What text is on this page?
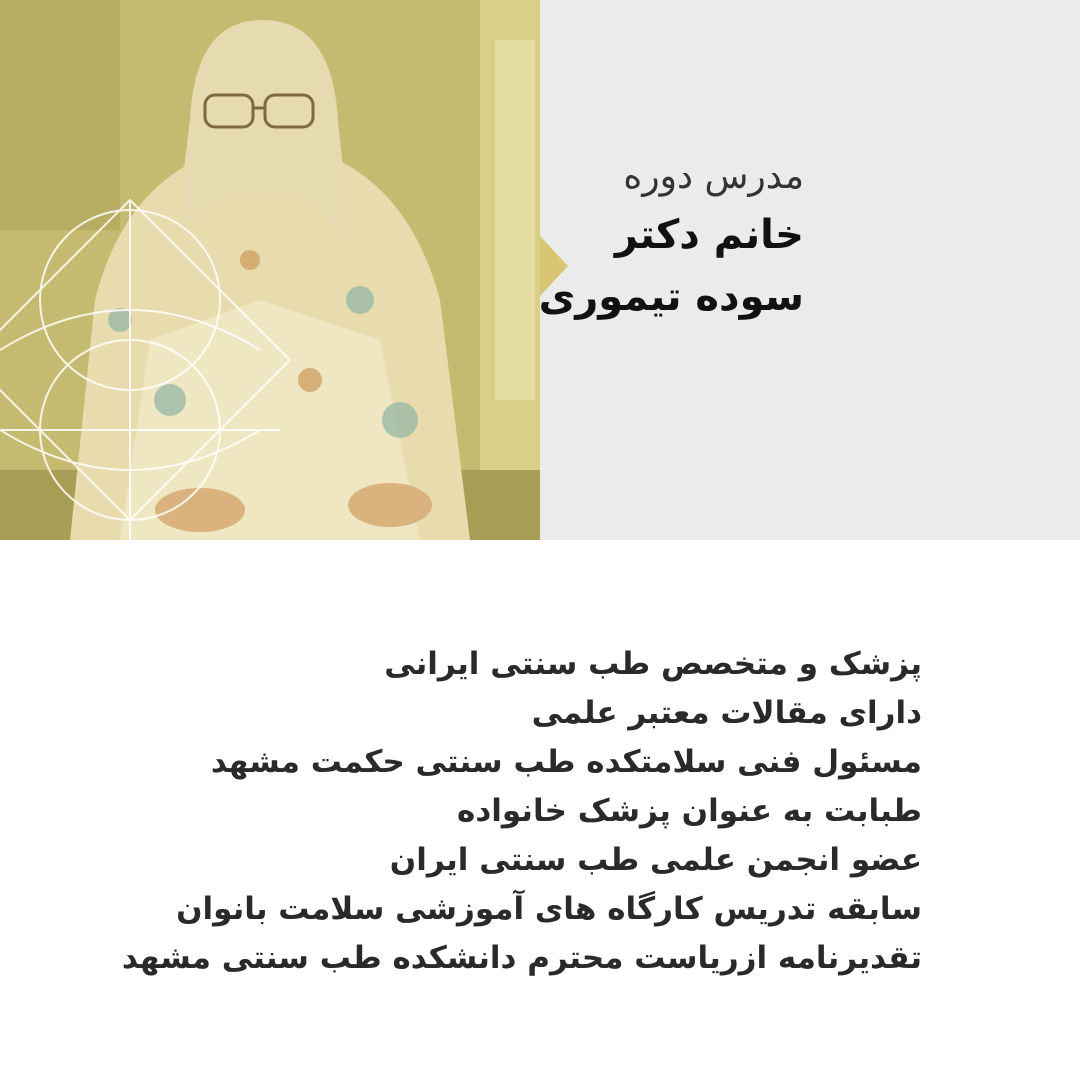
مدرس دوره
خانم دکتر
سوده تیموری
پزشک و متخصص طب سنتی ایرانی
دارای مقالات معتبر علمی
مسئول فنی سلامتکده طب سنتی حکمت مشهد
طبابت به عنوان پزشک خانواده
عضو انجمن علمی طب سنتی ایران
سابقه تدریس کارگاه های آموزشی سلامت بانوان
تقدیرنامه ازریاست محترم دانشکده طب سنتی مشهد
